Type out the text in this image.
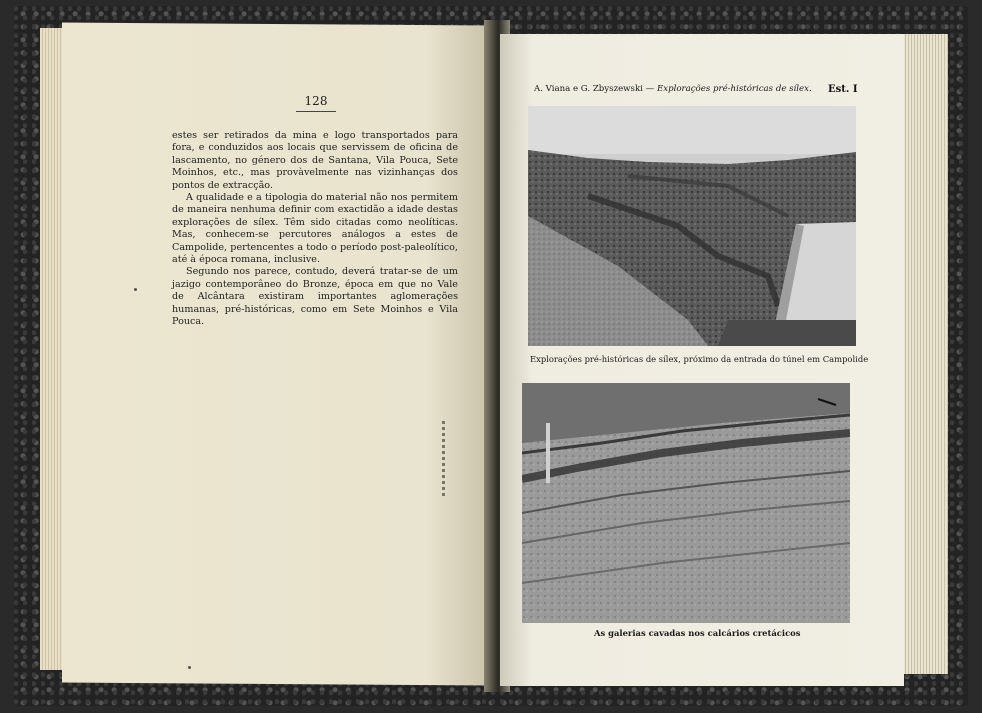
128

estes ser retirados da mina e logo transportados para fora, e conduzidos aos locais que servissem de oficina de lascamento, no género dos de Santana, Vila Pouca, Sete Moinhos, etc., mas provàvelmente nas vizinhanças dos pontos de extracção.

A qualidade e a tipologia do material não nos permitem de maneira nenhuma definir com exactidão a idade destas explorações de sílex. Têm sido citadas como neolíticas. Mas, conhecem-se percutores análogos a estes de Campolide, pertencentes a todo o período post-paleolítico, até à época romana, inclusive.

Segundo nos parece, contudo, deverá tratar-se de um jazigo contemporâneo do Bronze, época em que no Vale de Alcântara existiram importantes aglomerações humanas, pré-históricas, como em Sete Moinhos e Vila Pouca.

A. Viana e G. Zbyszewski — Explorações pré-históricas de sílex. Est. I
Explorações pré-históricas de sílex, próximo da entrada do túnel em Campolide
As galerias cavadas nos calcários cretácicos
